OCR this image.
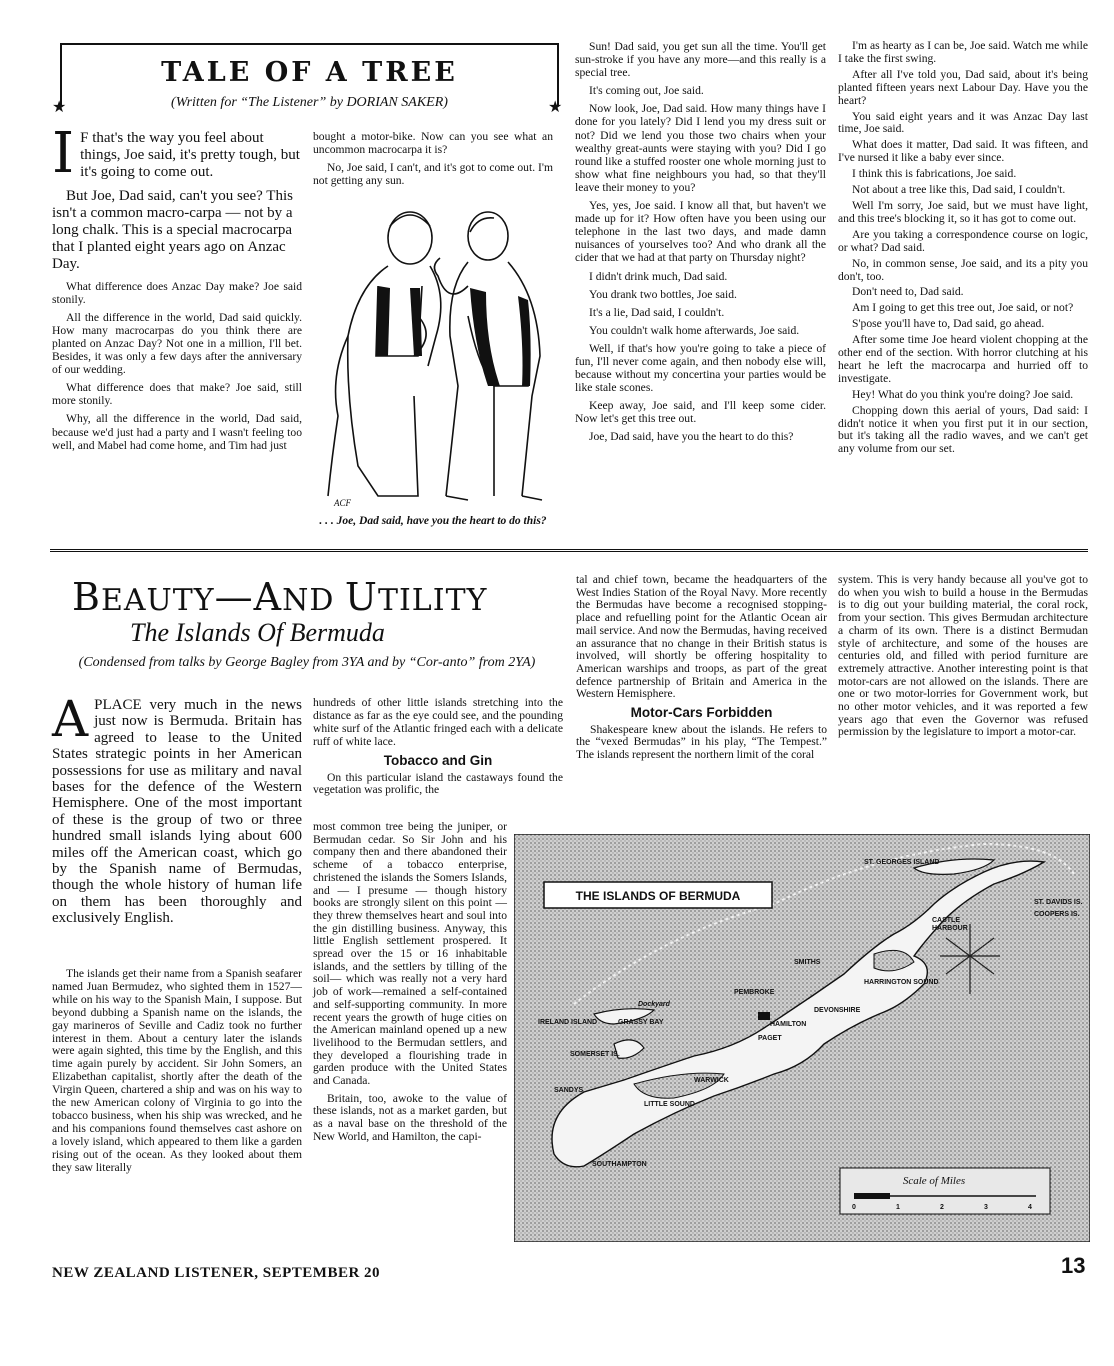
★	★
TALE OF A TREE
(Written for “The Listener” by DORIAN SAKER)
I F that's the way you feel about things, Joe said, it's pretty tough, but it's going to come out.

But Joe, Dad said, can't you see? This isn't a common macro-carpa — not by a long chalk. This is a special macrocarpa that I planted eight years ago on Anzac Day.

What difference does Anzac Day make? Joe said stonily.

All the difference in the world, Dad said quickly. How many macrocarpas do you think there are planted on Anzac Day? Not one in a million, I'll bet. Besides, it was only a few days after the anniversary of our wedding.

What difference does that make? Joe said, still more stonily.

Why, all the difference in the world, Dad said, because we'd just had a party and I wasn't feeling too well, and Mabel had come home, and Tim had just

bought a motor-bike. Now can you see what an uncommon macrocarpa it is?

No, Joe said, I can't, and it's got to come out. I'm not getting any sun.

ACF
. . . Joe, Dad said, have you the heart to do this?

Sun! Dad said, you get sun all the time. You'll get sun-stroke if you have any more—and this really is a special tree.

It's coming out, Joe said.

Now look, Joe, Dad said. How many things have I done for you lately? Did I lend you my dress suit or not? Did we lend you those two chairs when your wealthy great-aunts were staying with you? Did I go round like a stuffed rooster one whole morning just to show what fine neighbours you had, so that they'll leave their money to you?

Yes, yes, Joe said. I know all that, but haven't we made up for it? How often have you been using our telephone in the last two days, and made damn nuisances of yourselves too? And who drank all the cider that we had at that party on Thursday night?

I didn't drink much, Dad said.

You drank two bottles, Joe said.

It's a lie, Dad said, I couldn't.

You couldn't walk home afterwards, Joe said.

Well, if that's how you're going to take a piece of fun, I'll never come again, and then nobody else will, because without my concertina your parties would be like stale scones.

Keep away, Joe said, and I'll keep some cider. Now let's get this tree out.

Joe, Dad said, have you the heart to do this?

I'm as hearty as I can be, Joe said. Watch me while I take the first swing.

After all I've told you, Dad said, about it's being planted fifteen years next Labour Day. Have you the heart?

You said eight years and it was Anzac Day last time, Joe said.

What does it matter, Dad said. It was fifteen, and I've nursed it like a baby ever since.

I think this is fabrications, Joe said.

Not about a tree like this, Dad said, I couldn't.

Well I'm sorry, Joe said, but we must have light, and this tree's blocking it, so it has got to come out.

Are you taking a correspondence course on logic, or what? Dad said.

No, in common sense, Joe said, and its a pity you don't, too.

Don't need to, Dad said.

Am I going to get this tree out, Joe said, or not?

S'pose you'll have to, Dad said, go ahead.

After some time Joe heard violent chopping at the other end of the section. With horror clutching at his heart he left the macrocarpa and hurried off to investigate.

Hey! What do you think you're doing? Joe said.

Chopping down this aerial of yours, Dad said: I didn't notice it when you first put it in our section, but it's taking all the radio waves, and we can't get any volume from our set.

BEAUTY—AND UTILITY
The Islands Of Bermuda
(Condensed from talks by George Bagley from 3YA and by “Cor-anto” from 2YA)
A PLACE very much in the news just now is Bermuda. Britain has agreed to lease to the United States strategic points in her American possessions for use as military and naval bases for the defence of the Western Hemisphere. One of the most important of these is the group of two or three hundred small islands lying about 600 miles off the American coast, which go by the Spanish name of Bermudas, though the whole history of human life on them has been thoroughly and exclusively English.

The islands get their name from a Spanish seafarer named Juan Bermudez, who sighted them in 1527—while on his way to the Spanish Main, I suppose. But beyond dubbing a Spanish name on the islands, the gay marineros of Seville and Cadiz took no further interest in them. About a century later the islands were again sighted, this time by the English, and this time again purely by accident. Sir John Somers, an Elizabethan capitalist, shortly after the death of the Virgin Queen, chartered a ship and was on his way to the new American colony of Virginia to go into the tobacco business, when his ship was wrecked, and he and his companions found themselves cast ashore on a lovely island, which appeared to them like a garden rising out of the ocean. As they looked about them they saw literally

hundreds of other little islands stretching into the distance as far as the eye could see, and the pounding white surf of the Atlantic fringed each with a delicate ruff of white lace.

Tobacco and Gin

On this particular island the castaways found the vegetation was prolific, the

most common tree being the juniper, or Bermudan cedar. So Sir John and his company then and there abandoned their scheme of a tobacco enterprise, christened the islands the Somers Islands, and — I presume — though history books are strongly silent on this point —they threw themselves heart and soul into the gin distilling business. Anyway, this little English settlement prospered. It spread over the 15 or 16 inhabitable islands, and the settlers by tilling of the soil— which was really not a very hard job of work—remained a self-contained and self-supporting community. In more recent years the growth of huge cities on the American mainland opened up a new livelihood to the Bermudan settlers, and they developed a flourishing trade in garden produce with the United States and Canada.

Britain, too, awoke to the value of these islands, not as a market garden, but as a naval base on the threshold of the New World, and Hamilton, the capi-

tal and chief town, became the headquarters of the West Indies Station of the Royal Navy. More recently the Bermudas have become a recognised stopping-place and refuelling point for the Atlantic Ocean air mail service. And now the Bermudas, having received an assurance that no change in their British status is involved, will shortly be offering hospitality to American warships and troops, as part of the great defence partnership of Britain and America in the Western Hemisphere.

Motor-Cars Forbidden

Shakespeare knew about the islands. He refers to the “vexed Bermudas” in his play, “The Tempest.” The islands represent the northern limit of the coral

system. This is very handy because all you've got to do when you wish to build a house in the Bermudas is to dig out your building material, the coral rock, from your section. This gives Bermudan architecture a charm of its own. There is a distinct Bermudan style of architecture, and some of the houses are centuries old, and filled with period furniture are extremely attractive. Another interesting point is that motor-cars are not allowed on the islands. There are one or two motor-lorries for Government work, but no other motor vehicles, and it was reported a few years ago that even the Governor was refused permission by the legislature to import a motor-car.

THE ISLANDS OF BERMUDA
ST. GEORGES ISLAND
CASTLE
HARBOUR
COOPERS IS.
ST. DAVIDS IS.
HARRINGTON SOUND
DEVONSHIRE
PEMBROKE
HAMILTON
PAGET
WARWICK
SOUTHAMPTON
LITTLE SOUND
SOMERSET IS.
Dockyard
IRELAND ISLAND	GRASSY BAY
SANDYS
SMITHS
Scale of Miles
0	1	2	3	4
NEW ZEALAND LISTENER, SEPTEMBER 20	13
